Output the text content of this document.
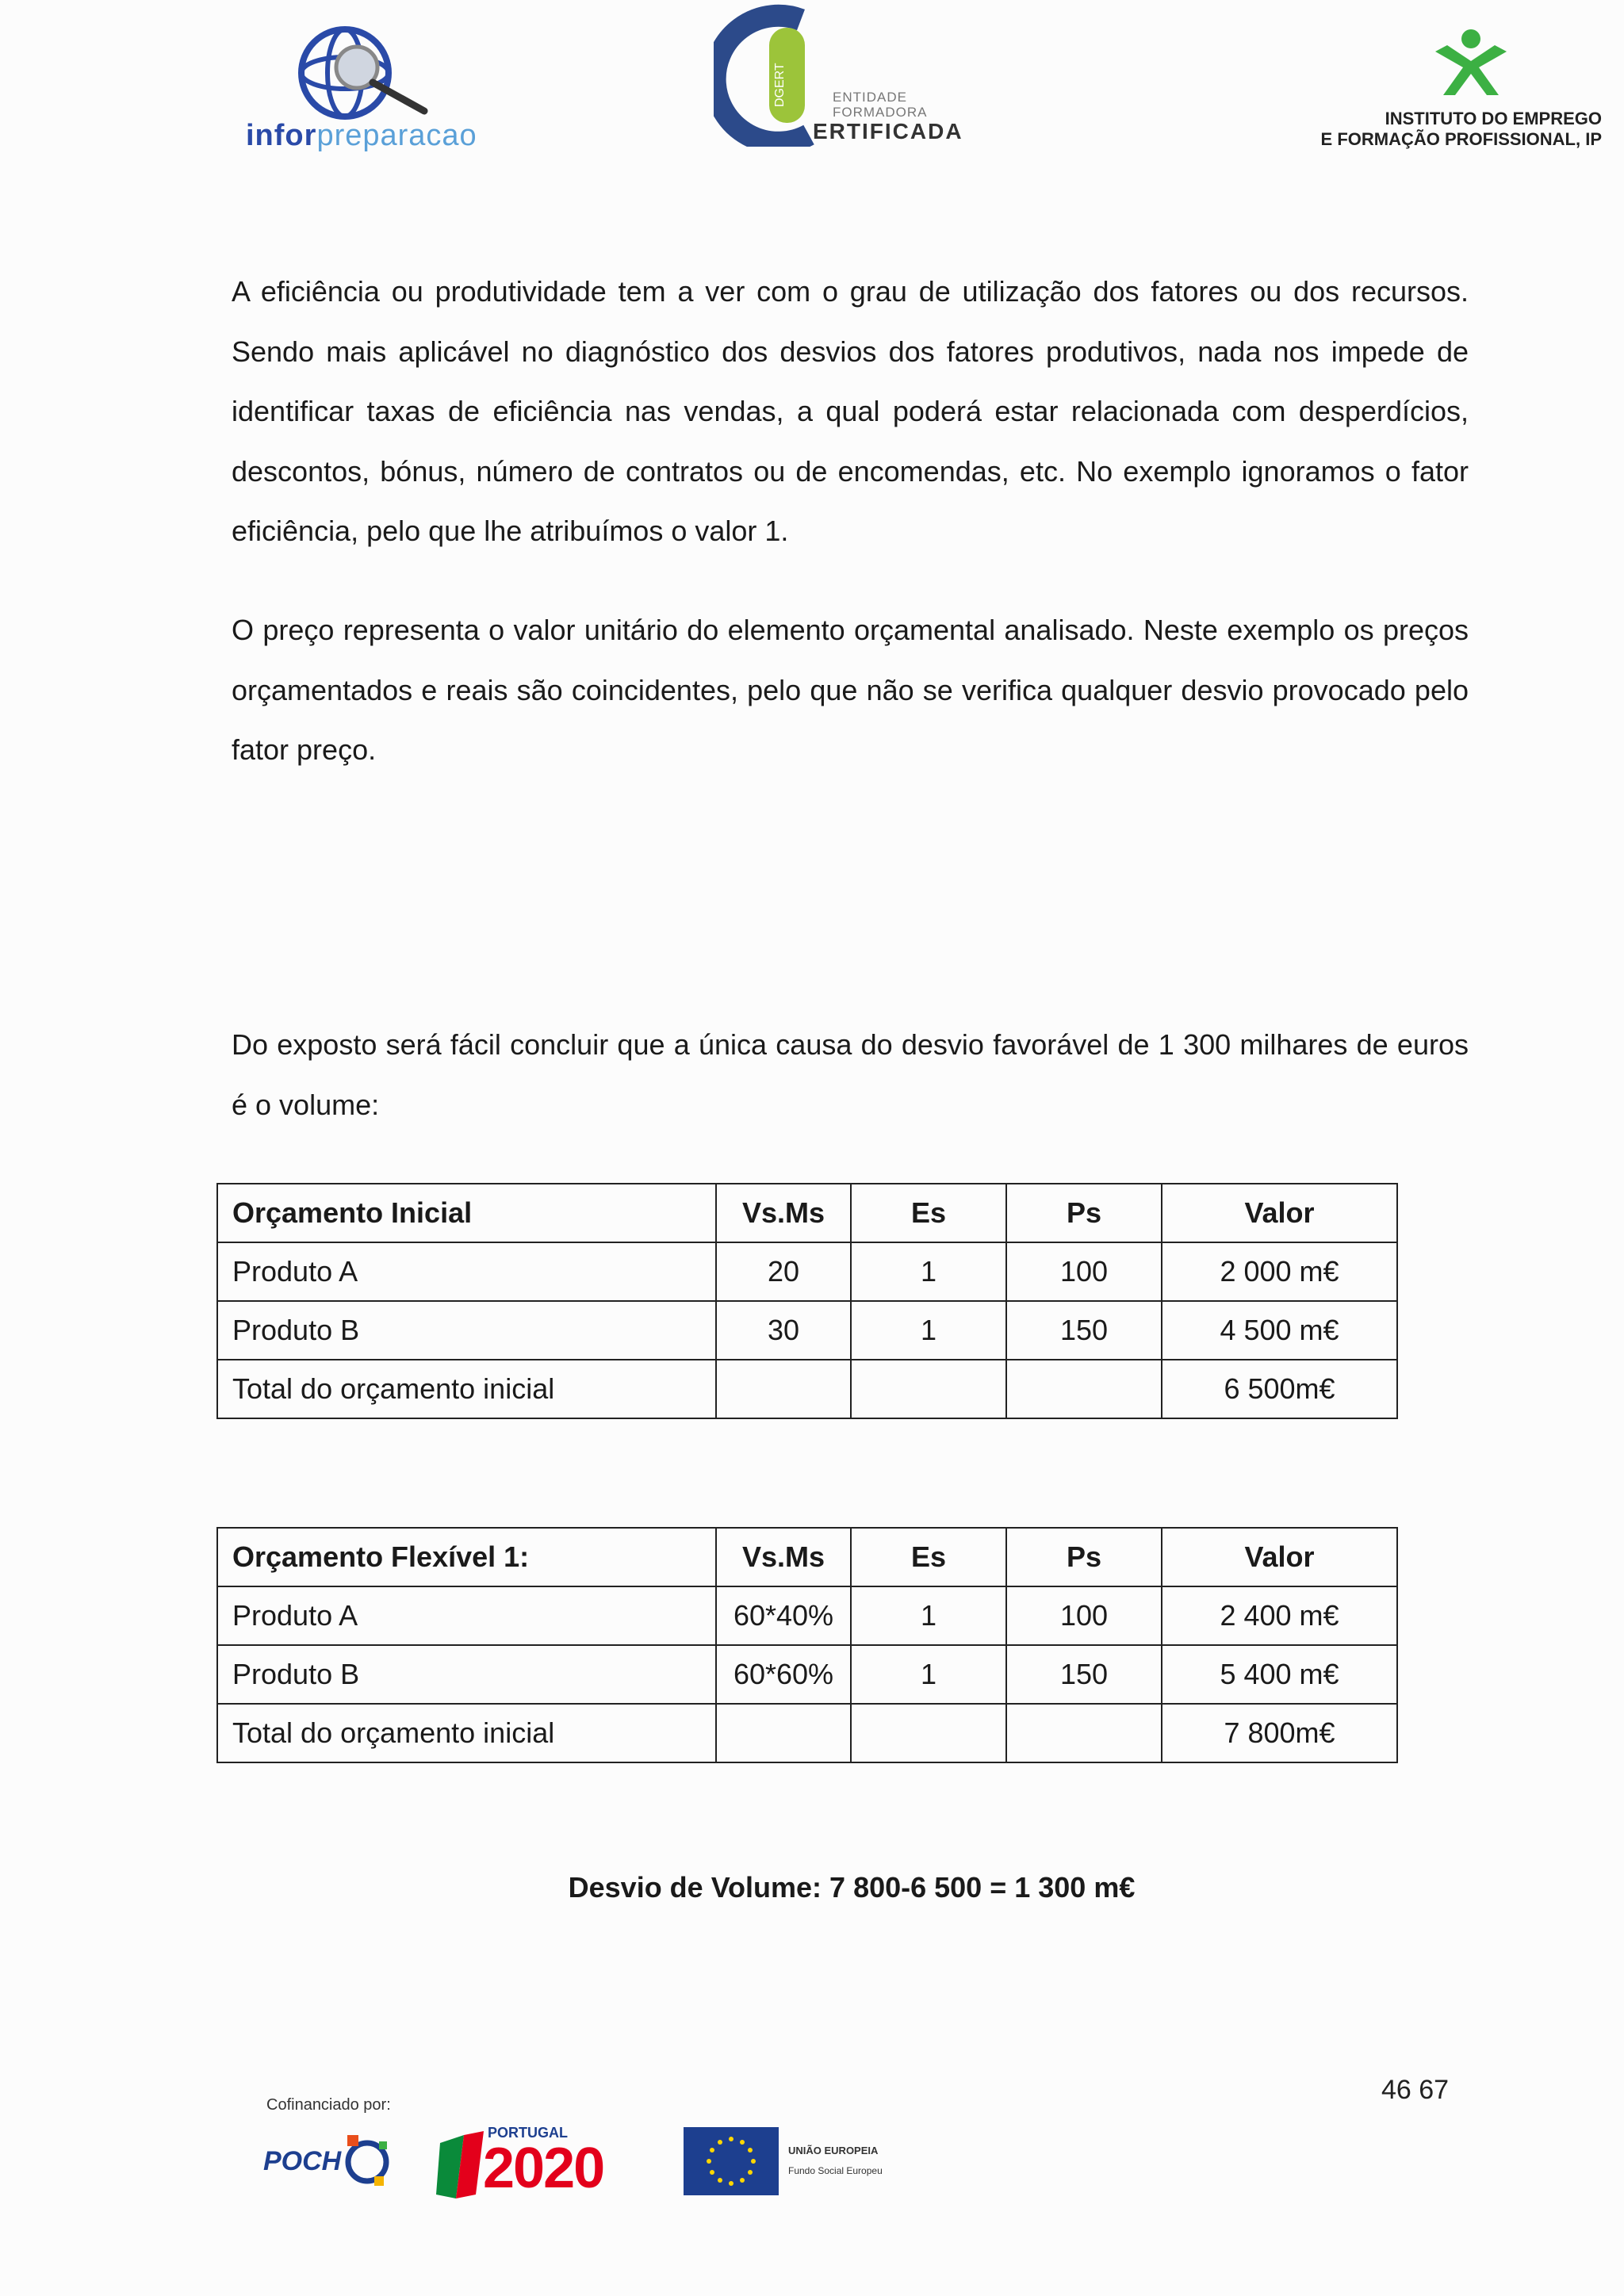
inforpreparacao
DGERT	ENTIDADE
FORMADORA
ERTIFICADA
INSTITUTO DO EMPREGO
E FORMAÇÃO PROFISSIONAL, IP

A eficiência ou produtividade tem a ver com o grau de utilização dos fatores ou dos recursos. Sendo mais aplicável no diagnóstico dos desvios dos fatores produtivos, nada nos impede de identificar taxas de eficiência nas vendas, a qual poderá estar relacionada com desperdícios, descontos, bónus, número de contratos ou de encomendas, etc. No exemplo ignoramos o fator eficiência, pelo que lhe atribuímos o valor 1.

O preço representa o valor unitário do elemento orçamental analisado. Neste exemplo os preços orçamentados e reais são coincidentes, pelo que não se verifica qualquer desvio provocado pelo fator preço.

Do exposto será fácil concluir que a única causa do desvio favorável de 1 300 milhares de euros é o volume:

Orçamento Inicial	Vs.Ms	Es	Ps	Valor
Produto A	20	1	100	2 000 m€
Produto B	30	1	150	4 500 m€
Total do orçamento inicial				6 500m€
Orçamento Flexível 1:	Vs.Ms	Es	Ps	Valor
Produto A	60*40%	1	100	2 400 m€
Produto B	60*60%	1	150	5 400 m€
Total do orçamento inicial				7 800m€
Desvio de Volume: 7 800-6 500 = 1 300 m€
46 67
Cofinanciado por:
POCH
PORTUGAL
2020	UNIÃO EUROPEIA
Fundo Social Europeu
